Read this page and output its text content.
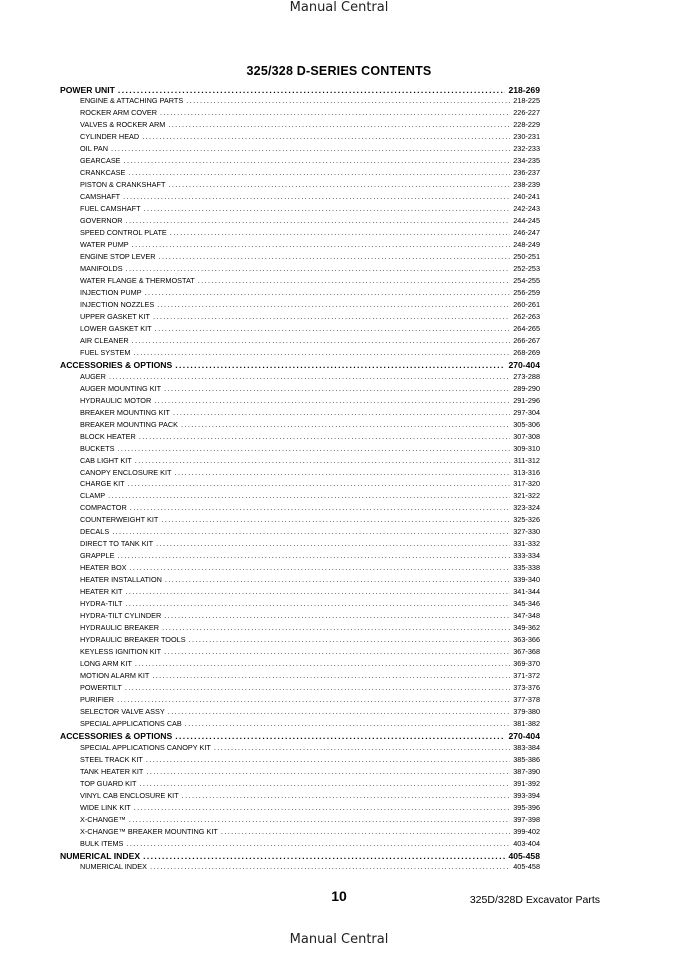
Manual Central
325/328 D-SERIES CONTENTS
POWER UNIT .....	218-269
ENGINE & ATTACHING PARTS .....	218-225
ROCKER ARM COVER .....	226-227
VALVES & ROCKER ARM .....	228-229
CYLINDER HEAD .....	230-231
OIL PAN .....	232-233
GEARCASE .....	234-235
CRANKCASE .....	236-237
PISTON & CRANKSHAFT .....	238-239
CAMSHAFT .....	240-241
FUEL CAMSHAFT .....	242-243
GOVERNOR .....	244-245
SPEED CONTROL PLATE .....	246-247
WATER PUMP .....	248-249
ENGINE STOP LEVER .....	250-251
MANIFOLDS .....	252-253
WATER FLANGE & THERMOSTAT .....	254-255
INJECTION PUMP .....	256-259
INJECTION NOZZLES .....	260-261
UPPER GASKET KIT .....	262-263
LOWER GASKET KIT .....	264-265
AIR CLEANER .....	266-267
FUEL SYSTEM .....	268-269
ACCESSORIES & OPTIONS .....	270-404
AUGER .....	273-288
AUGER MOUNTING KIT .....	289-290
HYDRAULIC MOTOR .....	291-296
BREAKER MOUNTING KIT .....	297-304
BREAKER MOUNTING PACK .....	305-306
BLOCK HEATER .....	307-308
BUCKETS .....	309-310
CAB LIGHT KIT .....	311-312
CANOPY ENCLOSURE KIT .....	313-316
CHARGE KIT .....	317-320
CLAMP .....	321-322
COMPACTOR .....	323-324
COUNTERWEIGHT KIT .....	325-326
DECALS .....	327-330
DIRECT TO TANK KIT .....	331-332
GRAPPLE .....	333-334
HEATER BOX .....	335-338
HEATER INSTALLATION .....	339-340
HEATER KIT .....	341-344
HYDRA-TILT .....	345-346
HYDRA-TILT CYLINDER .....	347-348
HYDRAULIC BREAKER .....	349-362
HYDRAULIC BREAKER TOOLS .....	363-366
KEYLESS IGNITION KIT .....	367-368
LONG ARM KIT .....	369-370
MOTION ALARM KIT .....	371-372
POWERTILT .....	373-376
PURIFIER .....	377-378
SELECTOR VALVE ASSY .....	379-380
SPECIAL APPLICATIONS CAB .....	381-382
ACCESSORIES & OPTIONS .....	270-404
SPECIAL APPLICATIONS CANOPY KIT .....	383-384
STEEL TRACK KIT .....	385-386
TANK HEATER KIT .....	387-390
TOP GUARD KIT .....	391-392
VINYL CAB ENCLOSURE KIT .....	393-394
WIDE LINK KIT .....	395-396
X-CHANGE™ .....	397-398
X-CHANGE™ BREAKER MOUNTING KIT .....	399-402
BULK ITEMS .....	403-404
NUMERICAL INDEX .....	405-458
NUMERICAL INDEX .....	405-458
10	325D/328D Excavator Parts
Manual Central
